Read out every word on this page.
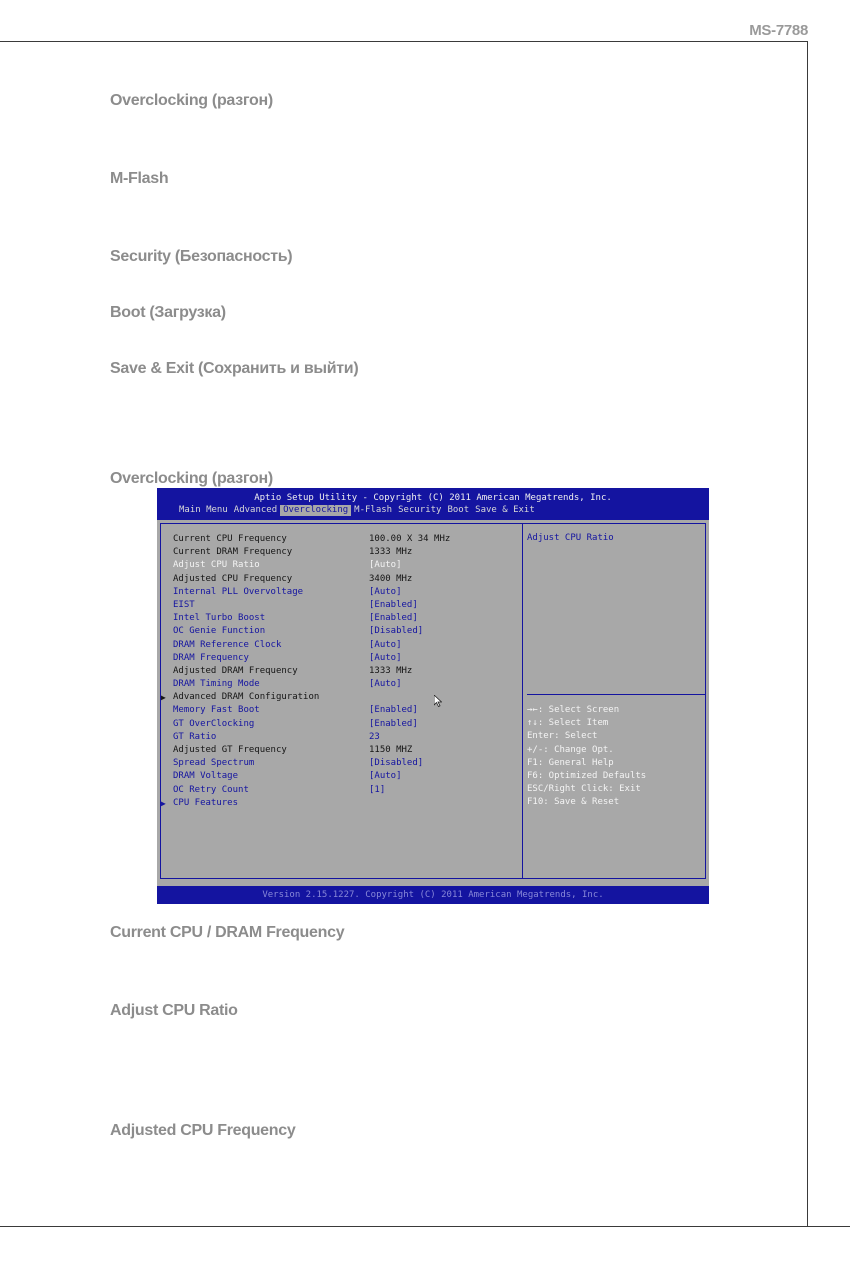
MS-7788
Overclocking (разгон)
M-Flash
Security (Безопасность)
Boot (Загрузка)
Save & Exit (Сохранить и выйти)
Overclocking (разгон)
Aptio Setup Utility - Copyright (C) 2011 American Megatrends, Inc.
Main Menu Advanced Overclocking M-Flash Security Boot Save & Exit
Current CPU Frequency	100.00 X 34 MHz
Current DRAM Frequency	1333 MHz
Adjust CPU Ratio	[Auto]
Adjusted CPU Frequency	3400 MHz
Internal PLL Overvoltage	[Auto]
EIST	[Enabled]
Intel Turbo Boost	[Enabled]
OC Genie Function	[Disabled]
DRAM Reference Clock	[Auto]
DRAM Frequency	[Auto]
Adjusted DRAM Frequency	1333 MHz
DRAM Timing Mode	[Auto]
▶ Advanced DRAM Configuration
Memory Fast Boot	[Enabled]
GT OverClocking	[Enabled]
GT Ratio	23
Adjusted GT Frequency	1150 MHZ
Spread Spectrum	[Disabled]
DRAM Voltage	[Auto]
OC Retry Count	[1]
▶ CPU Features
Adjust CPU Ratio
→←: Select Screen
↑↓: Select Item
Enter: Select
+/-: Change Opt.
F1: General Help
F6: Optimized Defaults
ESC/Right Click: Exit
F10: Save & Reset
Version 2.15.1227. Copyright (C) 2011 American Megatrends, Inc.
Current CPU / DRAM Frequency
Adjust CPU Ratio
Adjusted CPU Frequency
